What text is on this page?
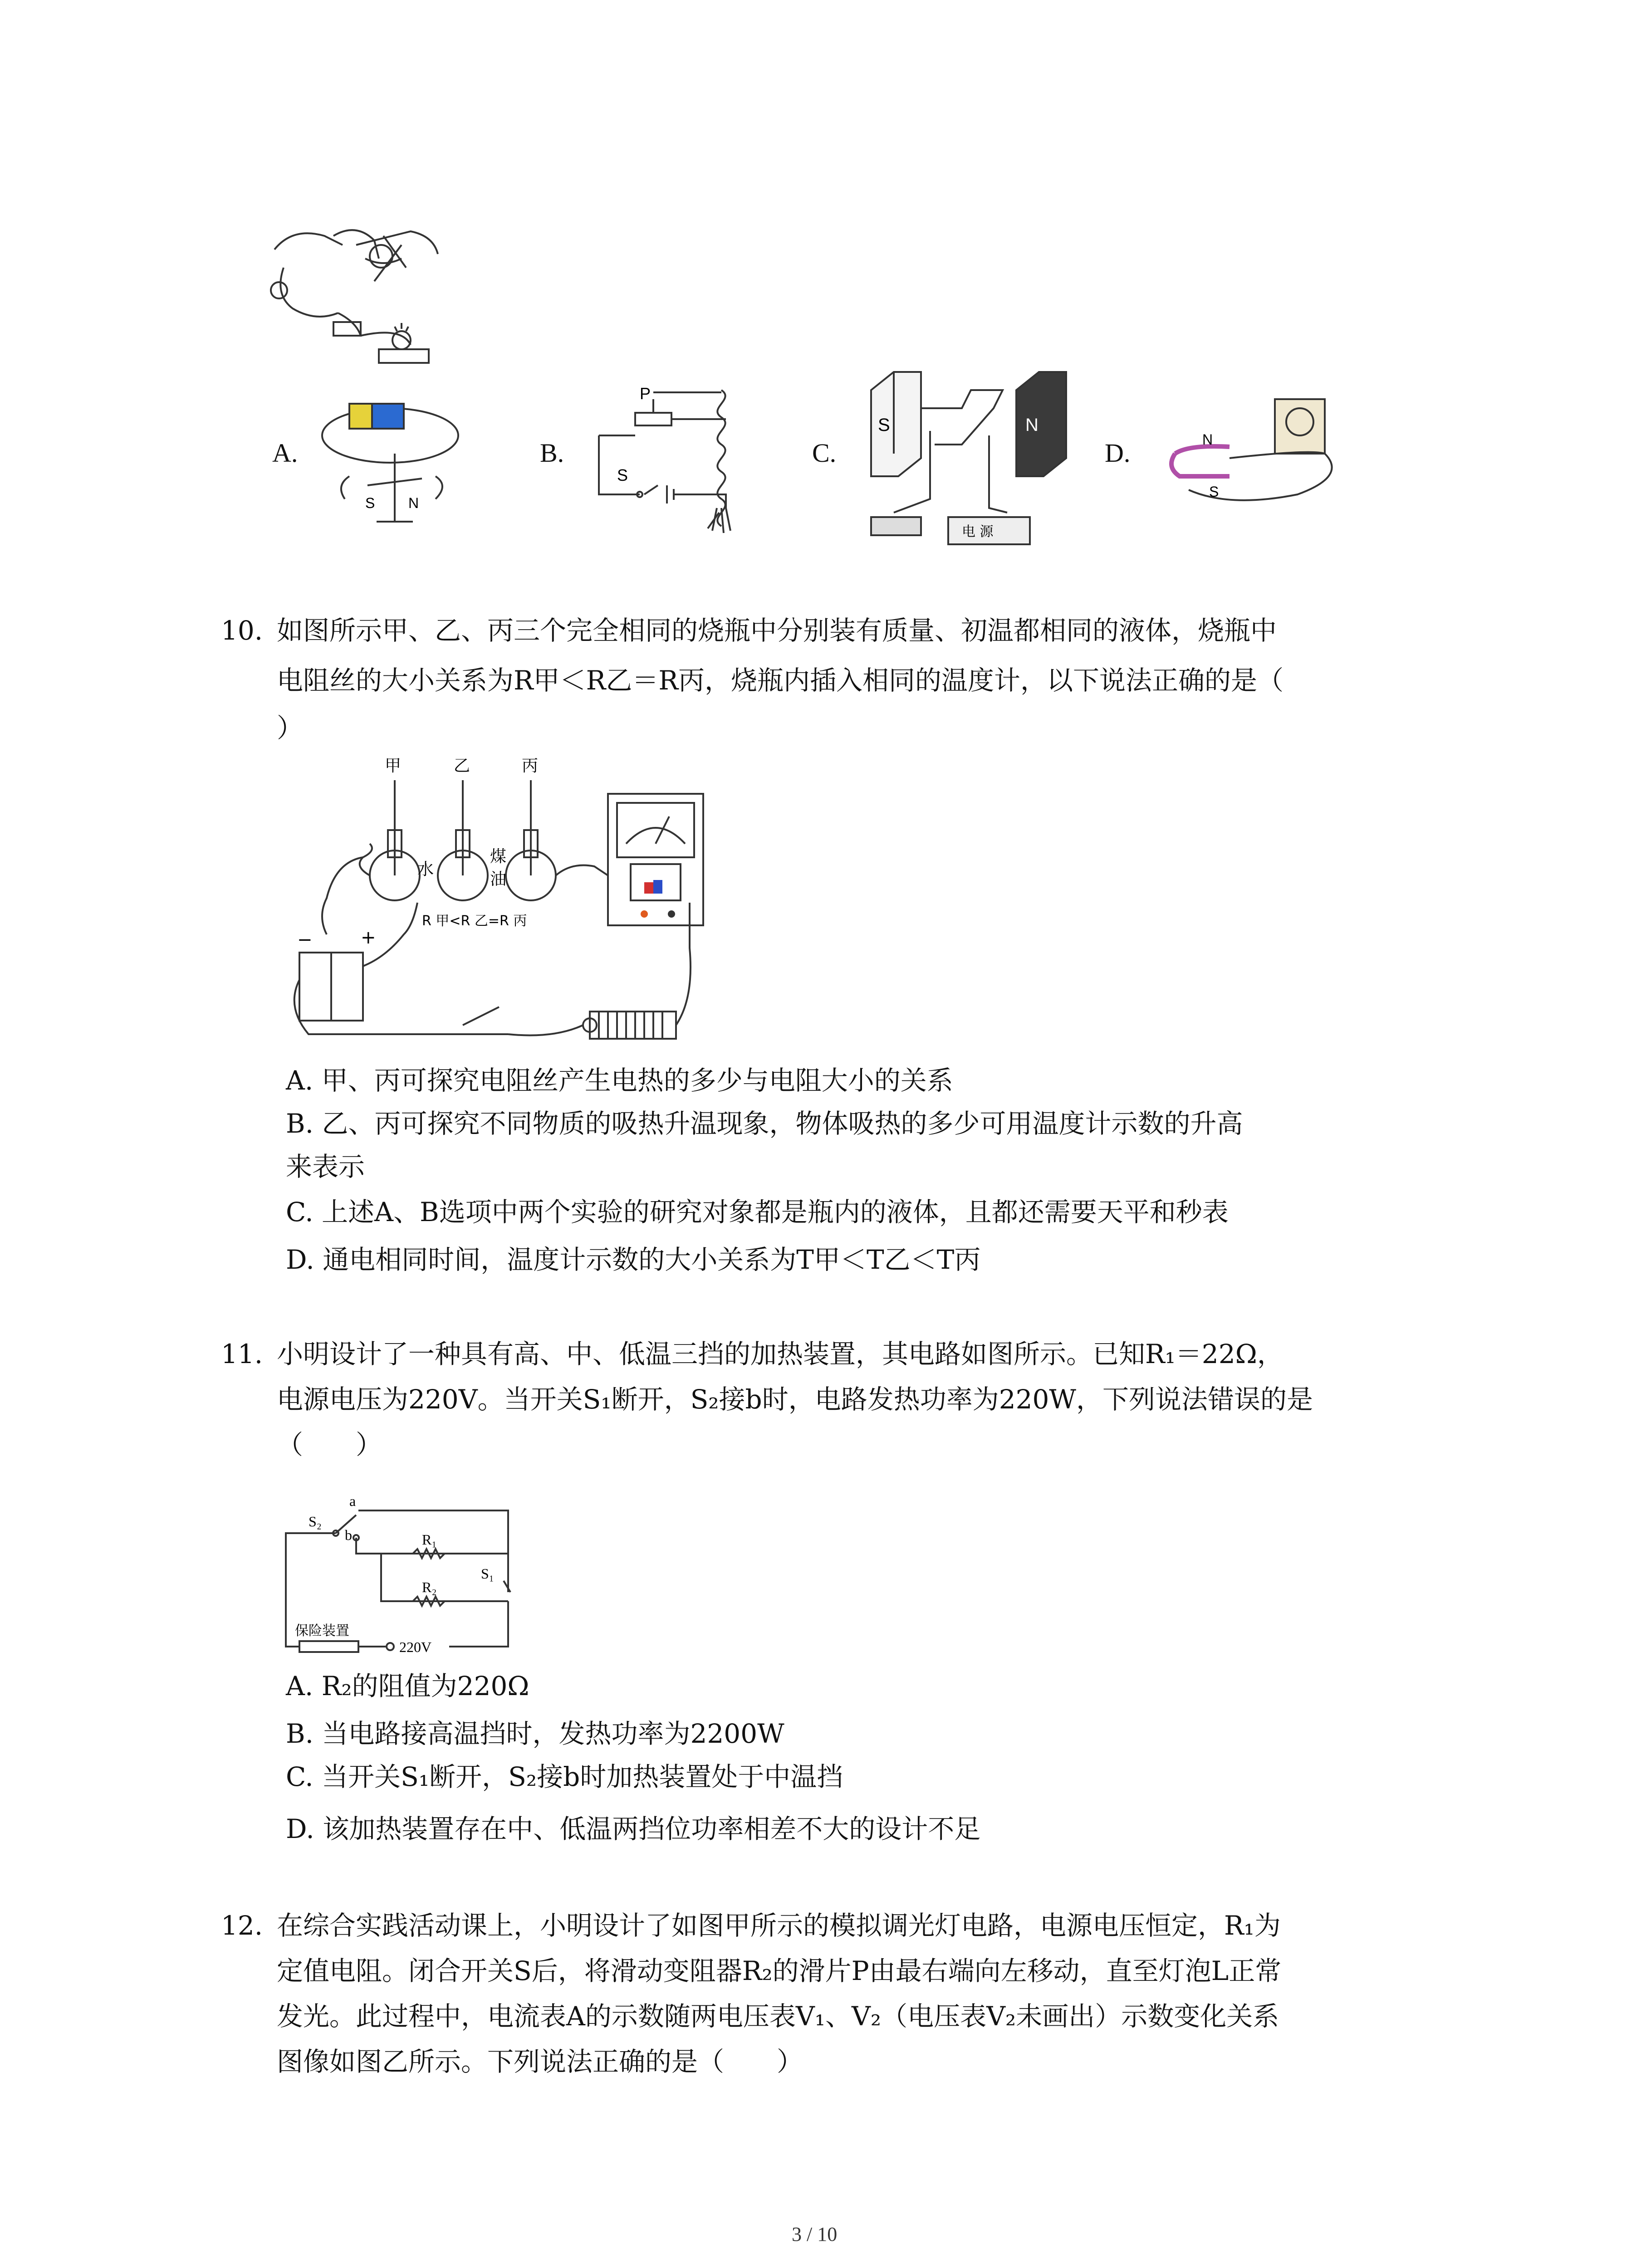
A.
S N
B.
P
S
C.
S	N
电 源
D.	N
S
10. 如图所示甲、乙、丙三个完全相同的烧瓶中分别装有质量、初温都相同的液体，烧瓶中
电阻丝的大小关系为R甲＜R乙＝R丙，烧瓶内插入相同的温度计，以下说法正确的是（
）
甲	乙	丙
水
煤
油
R 甲<R 乙=R 丙
−	+
A. 甲、丙可探究电阻丝产生电热的多少与电阻大小的关系
B. 乙、丙可探究不同物质的吸热升温现象，物体吸热的多少可用温度计示数的升高
来表示
C. 上述A、B选项中两个实验的研究对象都是瓶内的液体，且都还需要天平和秒表
D. 通电相同时间，温度计示数的大小关系为T甲＜T乙＜T丙
11. 小明设计了一种具有高、中、低温三挡的加热装置，其电路如图所示。已知R₁＝22Ω，
电源电压为220V。当开关S₁断开，S₂接b时，电路发热功率为220W，下列说法错误的是
（　　）
S₂
a
b	R₁
R₂
S₁
保险装置
220V
A. R₂的阻值为220Ω
B. 当电路接高温挡时，发热功率为2200W
C. 当开关S₁断开，S₂接b时加热装置处于中温挡
D. 该加热装置存在中、低温两挡位功率相差不大的设计不足
12. 在综合实践活动课上，小明设计了如图甲所示的模拟调光灯电路，电源电压恒定，R₁为
定值电阻。闭合开关S后，将滑动变阻器R₂的滑片P由最右端向左移动，直至灯泡L正常
发光。此过程中，电流表A的示数随两电压表V₁、V₂（电压表V₂未画出）示数变化关系
图像如图乙所示。下列说法正确的是（　　）
3 / 10
